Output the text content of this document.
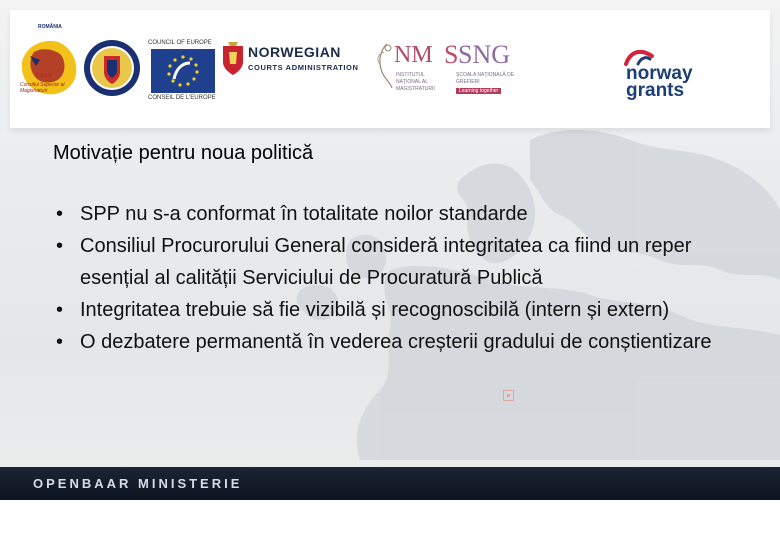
ROMÂNIA
1 9 0 9
Consiliul Superior al Magistraturii
COUNCIL OF EUROPE
CONSEIL DE L'EUROPE
NORWEGIAN
COURTS ADMINISTRATION NM
INSTITUTUL NAȚIONAL AL MAGISTRATURII
S SNG
ȘCOALA NAȚIONALĂ DE GREFIERI
Learning together
norway
grants
Motivație pentru noua politică
• SPP nu s-a conformat în totalitate noilor standarde
• Consiliul Procurorului General consideră integritatea ca fiind un reper esențial al calității Serviciului de Procuratură Publică
• Integritatea trebuie să fie vizibilă și recognoscibilă (intern și extern)
• O dezbatere permanentă în vederea creșterii gradului de conștientizare
OPENBAAR MINISTERIE
